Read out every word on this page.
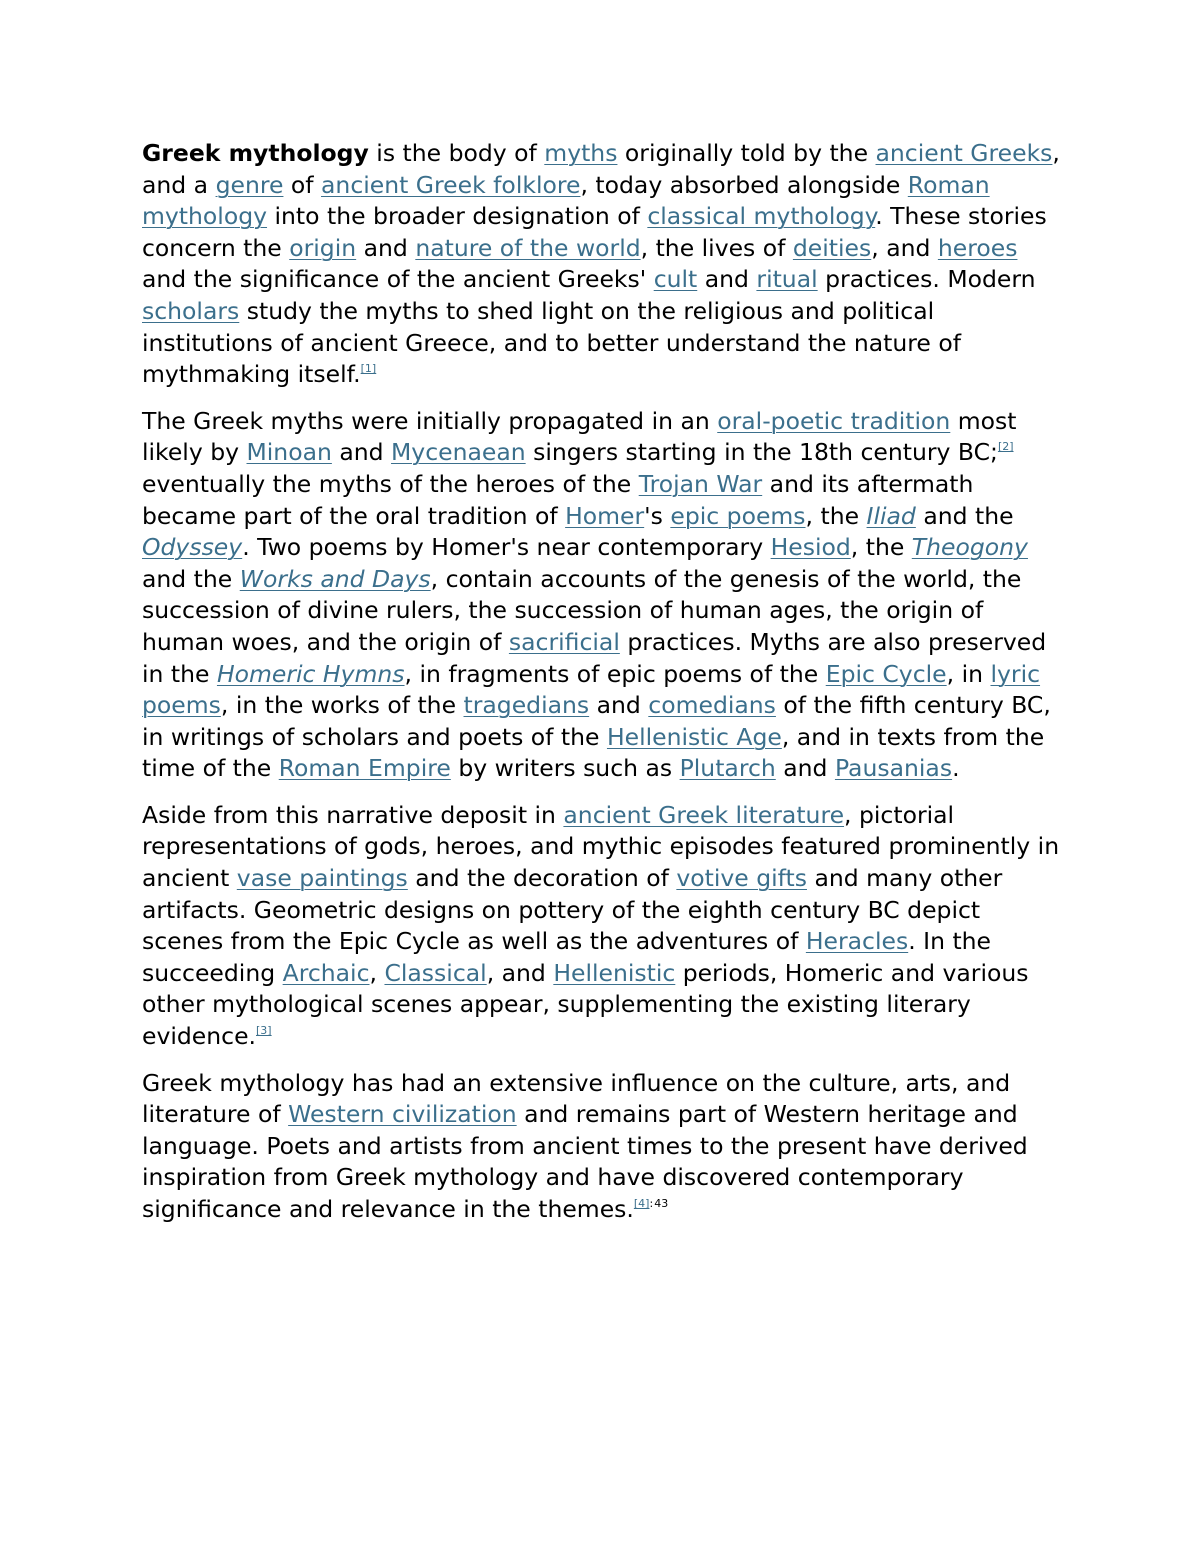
Greek mythology is the body of myths originally told by the ancient Greeks, and a genre of ancient Greek folklore, today absorbed alongside Roman mythology into the broader designation of classical mythology. These stories concern the origin and nature of the world, the lives of deities, and heroes and the significance of the ancient Greeks' cult and ritual practices. Modern scholars study the myths to shed light on the religious and political institutions of ancient Greece, and to better understand the nature of mythmaking itself.[1]

The Greek myths were initially propagated in an oral-poetic tradition most likely by Minoan and Mycenaean singers starting in the 18th century BC;[2] eventually the myths of the heroes of the Trojan War and its aftermath became part of the oral tradition of Homer's epic poems, the Iliad and the Odyssey. Two poems by Homer's near contemporary Hesiod, the Theogony and the Works and Days, contain accounts of the genesis of the world, the succession of divine rulers, the succession of human ages, the origin of human woes, and the origin of sacrificial practices. Myths are also preserved in the Homeric Hymns, in fragments of epic poems of the Epic Cycle, in lyric poems, in the works of the tragedians and comedians of the fifth century BC, in writings of scholars and poets of the Hellenistic Age, and in texts from the time of the Roman Empire by writers such as Plutarch and Pausanias.

Aside from this narrative deposit in ancient Greek literature, pictorial representations of gods, heroes, and mythic episodes featured prominently in ancient vase paintings and the decoration of votive gifts and many other artifacts. Geometric designs on pottery of the eighth century BC depict scenes from the Epic Cycle as well as the adventures of Heracles. In the succeeding Archaic, Classical, and Hellenistic periods, Homeric and various other mythological scenes appear, supplementing the existing literary evidence.[3]

Greek mythology has had an extensive influence on the culture, arts, and literature of Western civilization and remains part of Western heritage and language. Poets and artists from ancient times to the present have derived inspiration from Greek mythology and have discovered contemporary significance and relevance in the themes.$^{[4]: 43}$
